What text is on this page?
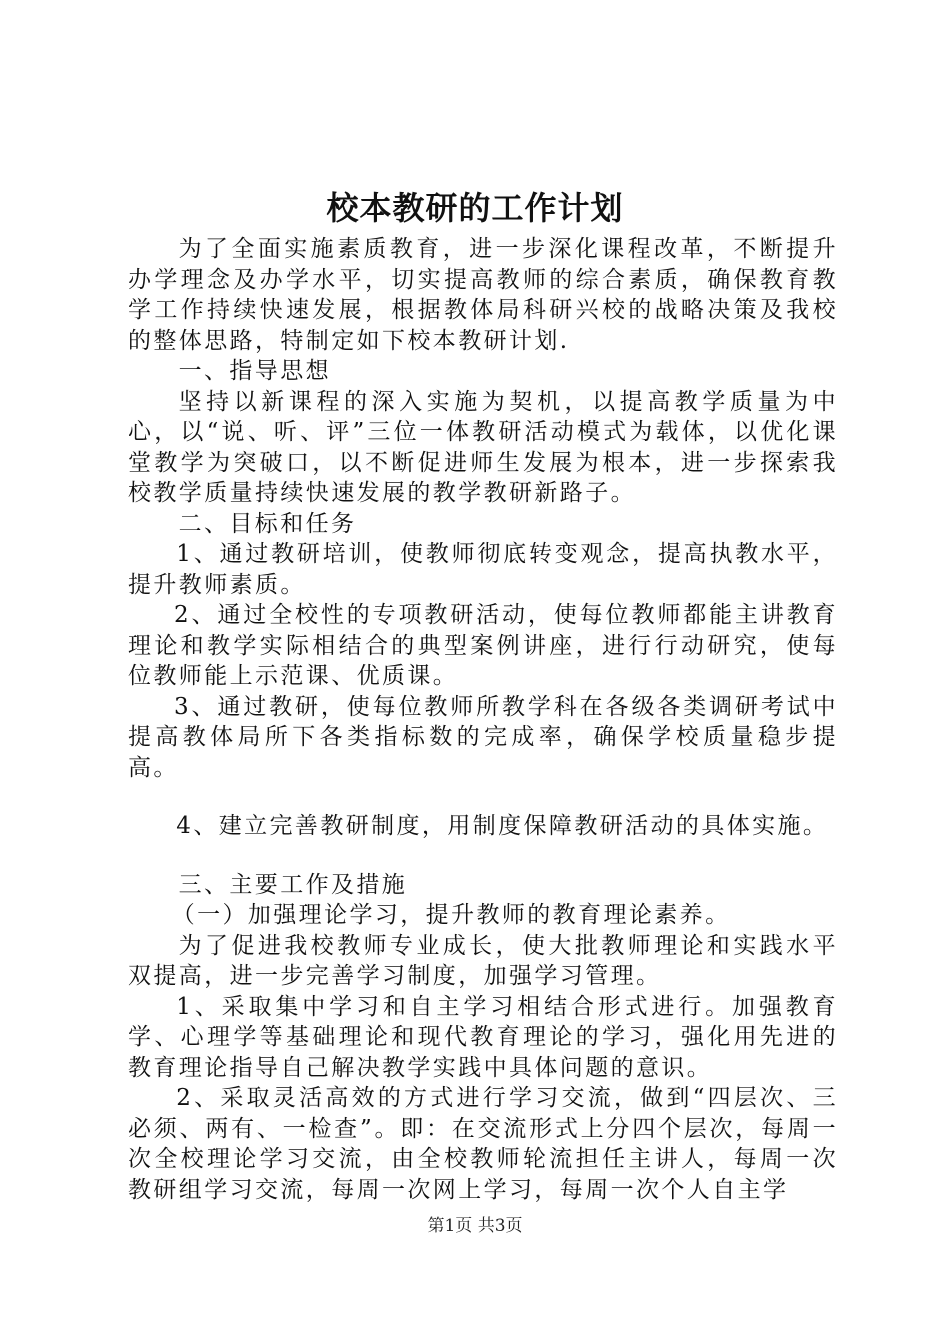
校本教研的工作计划

为了全面实施素质教育，进一步深化课程改革，不断提升办学理念及办学水平，切实提高教师的综合素质，确保教育教学工作持续快速发展，根据教体局科研兴校的战略决策及我校的整体思路，特制定如下校本教研计划.

一、指导思想

坚持以新课程的深入实施为契机，以提高教学质量为中心，以“说、听、评”三位一体教研活动模式为载体，以优化课堂教学为突破口，以不断促进师生发展为根本，进一步探索我校教学质量持续快速发展的教学教研新路子。

二、目标和任务

1、通过教研培训，使教师彻底转变观念，提高执教水平，提升教师素质。

2、通过全校性的专项教研活动，使每位教师都能主讲教育理论和教学实际相结合的典型案例讲座，进行行动研究，使每位教师能上示范课、优质课。

3、通过教研，使每位教师所教学科在各级各类调研考试中提高教体局所下各类指标数的完成率，确保学校质量稳步提高。

4、建立完善教研制度，用制度保障教研活动的具体实施。

三、主要工作及措施

（一）加强理论学习，提升教师的教育理论素养。

为了促进我校教师专业成长，使大批教师理论和实践水平双提高，进一步完善学习制度，加强学习管理。

1、采取集中学习和自主学习相结合形式进行。加强教育学、心理学等基础理论和现代教育理论的学习，强化用先进的教育理论指导自己解决教学实践中具体问题的意识。

2、采取灵活高效的方式进行学习交流，做到“四层次、三必须、两有、一检查”。即：在交流形式上分四个层次，每周一次全校理论学习交流，由全校教师轮流担任主讲人，每周一次教研组学习交流，每周一次网上学习，每周一次个人自主学

第1页 共3页
